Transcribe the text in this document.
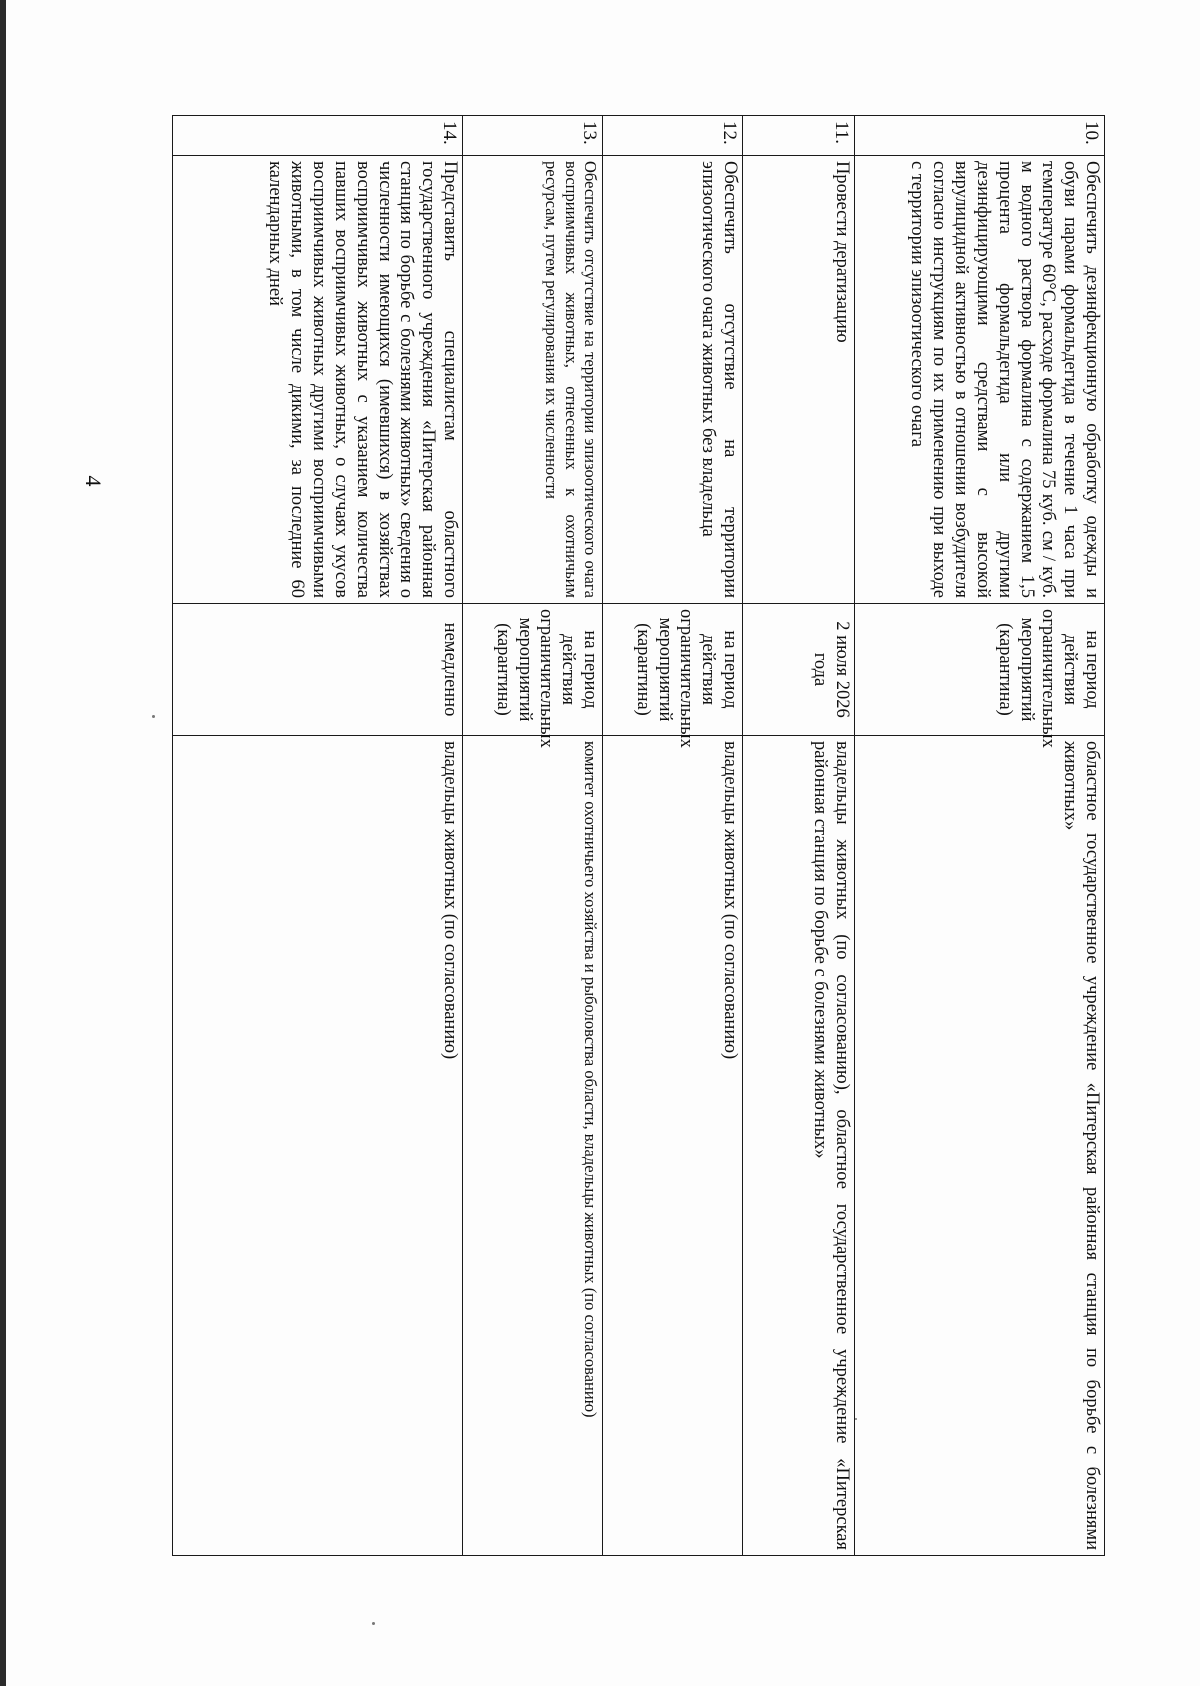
4
10.	Обеспечить дезинфекционную обработку одежды и обуви парами формальдегида в течение 1 часа при температуре 60°С, расходе формалина 75 куб. см / куб. м водного раствора формалина с содержанием 1,5 процента формальдегида или другими дезинфицирующими средствами с высокой вирулицидной активностью в отношении возбудителя согласно инструкциям по их применению при выходе с территории эпизоотического очага	на период действия ограничительных мероприятий (карантина)	областное государственное учреждение «Питерская районная станция по борьбе с болезнями животных»
11.	Провести дератизацию	2 июля 2026 года	владельцы животных (по согласованию), областное государственное учреждение «Питерская районная станция по борьбе с болезнями животных»
12.	Обеспечить отсутствие на территории эпизоотического очага животных без владельца	на период действия ограничительных мероприятий (карантина)	владельцы животных (по согласованию)
13.	Обеспечить отсутствие на территории эпизоотического очага восприимчивых животных, отнесенных к охотничьим ресурсам, путем регулирования их численности	на период действия ограничительных мероприятий (карантина)	комитет охотничьего хозяйства и рыболовства области, владельцы животных (по согласованию)
14.	Представить специалистам областного государственного учреждения «Питерская районная станция по борьбе с болезнями животных» сведения о численности имеющихся (имевшихся) в хозяйствах восприимчивых животных с указанием количества павших восприимчивых животных, о случаях укусов восприимчивых животных другими восприимчивыми животными, в том числе дикими, за последние 60 календарных дней	немедленно	владельцы животных (по согласованию)
